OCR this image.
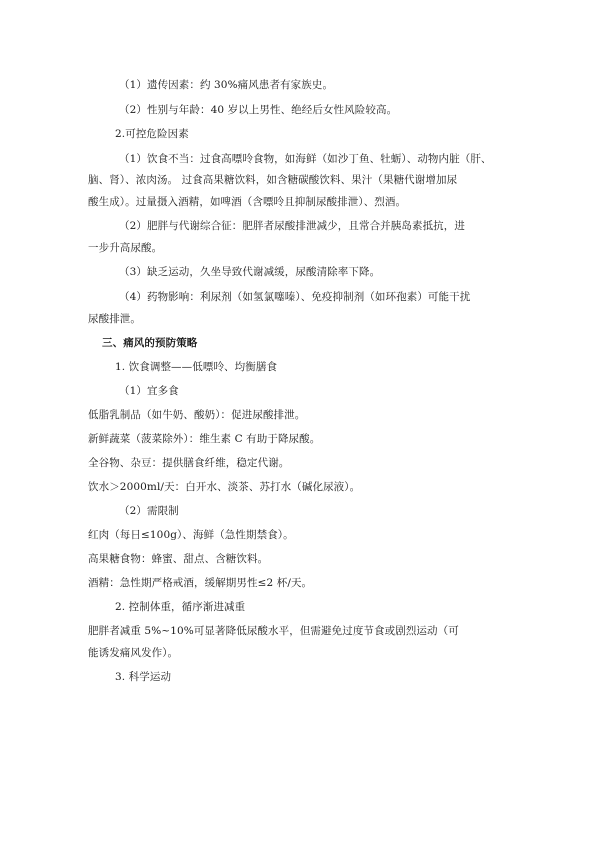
（1）遗传因素：约 30%痛风患者有家族史。
（2）性别与年龄：40 岁以上男性、绝经后女性风险较高。
2.可控危险因素
（1）饮食不当：过食高嘌呤食物，如海鲜（如沙丁鱼、牡蛎）、动物内脏（肝、
脑、肾）、浓肉汤。 过食高果糖饮料，如含糖碳酸饮料、果汁（果糖代谢增加尿
酸生成）。过量摄入酒精，如啤酒（含嘌呤且抑制尿酸排泄）、烈酒。
（2）肥胖与代谢综合征：肥胖者尿酸排泄减少，且常合并胰岛素抵抗，进
一步升高尿酸。
（3）缺乏运动，久坐导致代谢减缓，尿酸清除率下降。
（4）药物影响：利尿剂（如氢氯噻嗪）、免疫抑制剂（如环孢素）可能干扰
尿酸排泄。
三、痛风的预防策略
1. 饮食调整——低嘌呤、均衡膳食
（1）宜多食
低脂乳制品（如牛奶、酸奶）：促进尿酸排泄。
新鲜蔬菜（菠菜除外）：维生素 C 有助于降尿酸。
全谷物、杂豆：提供膳食纤维，稳定代谢。
饮水＞2000ml/天：白开水、淡茶、苏打水（碱化尿液）。
（2）需限制
红肉（每日≤100g）、海鲜（急性期禁食）。
高果糖食物：蜂蜜、甜点、含糖饮料。
酒精：急性期严格戒酒，缓解期男性≤2 杯/天。
2. 控制体重，循序渐进减重
肥胖者减重 5%~10%可显著降低尿酸水平，但需避免过度节食或剧烈运动（可
能诱发痛风发作）。
3. 科学运动
